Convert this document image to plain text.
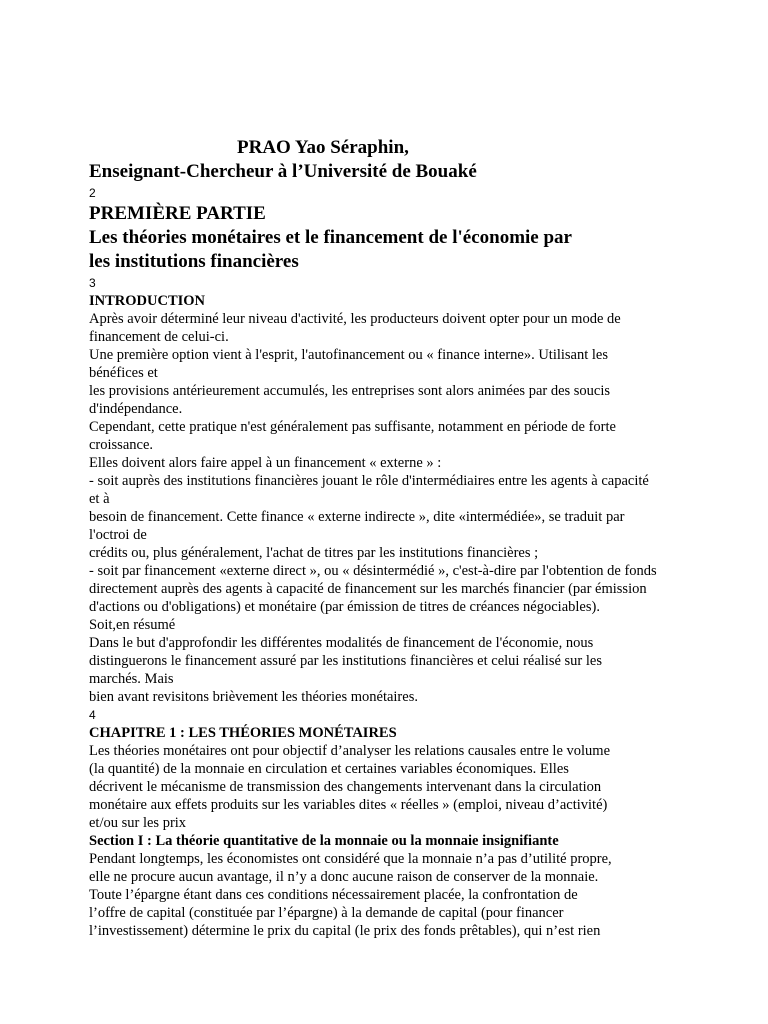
PRAO Yao Séraphin,
Enseignant-Chercheur à l’Université de Bouaké
2
PREMIÈRE PARTIE
Les théories monétaires et le financement de l'économie par
les institutions financières
3
INTRODUCTION
Après avoir déterminé leur niveau d'activité, les producteurs doivent opter pour un mode de
financement de celui-ci.
Une première option vient à l'esprit, l'autofinancement ou « finance interne». Utilisant les
bénéfices et
les provisions antérieurement accumulés, les entreprises sont alors animées par des soucis
d'indépendance.
Cependant, cette pratique n'est généralement pas suffisante, notamment en période de forte
croissance.
Elles doivent alors faire appel à un financement « externe » :
- soit auprès des institutions financières jouant le rôle d'intermédiaires entre les agents à capacité
et à
besoin de financement. Cette finance « externe indirecte », dite «intermédiée», se traduit par
l'octroi de
crédits ou, plus généralement, l'achat de titres par les institutions financières ;
- soit par financement «externe direct », ou « désintermédié », c'est-à-dire par l'obtention de fonds
directement auprès des agents à capacité de financement sur les marchés financier (par émission
d'actions ou d'obligations) et monétaire (par émission de titres de créances négociables).
Soit,en résumé
Dans le but d'approfondir les différentes modalités de financement de l'économie, nous
distinguerons le financement assuré par les institutions financières et celui réalisé sur les
marchés. Mais
bien avant revisitons brièvement les théories monétaires.
4
CHAPITRE 1 : LES THÉORIES MONÉTAIRES
Les théories monétaires ont pour objectif d’analyser les relations causales entre le volume
(la quantité) de la monnaie en circulation et certaines variables économiques. Elles
décrivent le mécanisme de transmission des changements intervenant dans la circulation
monétaire aux effets produits sur les variables dites « réelles » (emploi, niveau d’activité)
et/ou sur les prix
Section I : La théorie quantitative de la monnaie ou la monnaie insignifiante
Pendant longtemps, les économistes ont considéré que la monnaie n’a pas d’utilité propre,
elle ne procure aucun avantage, il n’y a donc aucune raison de conserver de la monnaie.
Toute l’épargne étant dans ces conditions nécessairement placée, la confrontation de
l’offre de capital (constituée par l’épargne) à la demande de capital (pour financer
l’investissement) détermine le prix du capital (le prix des fonds prêtables), qui n’est rien
